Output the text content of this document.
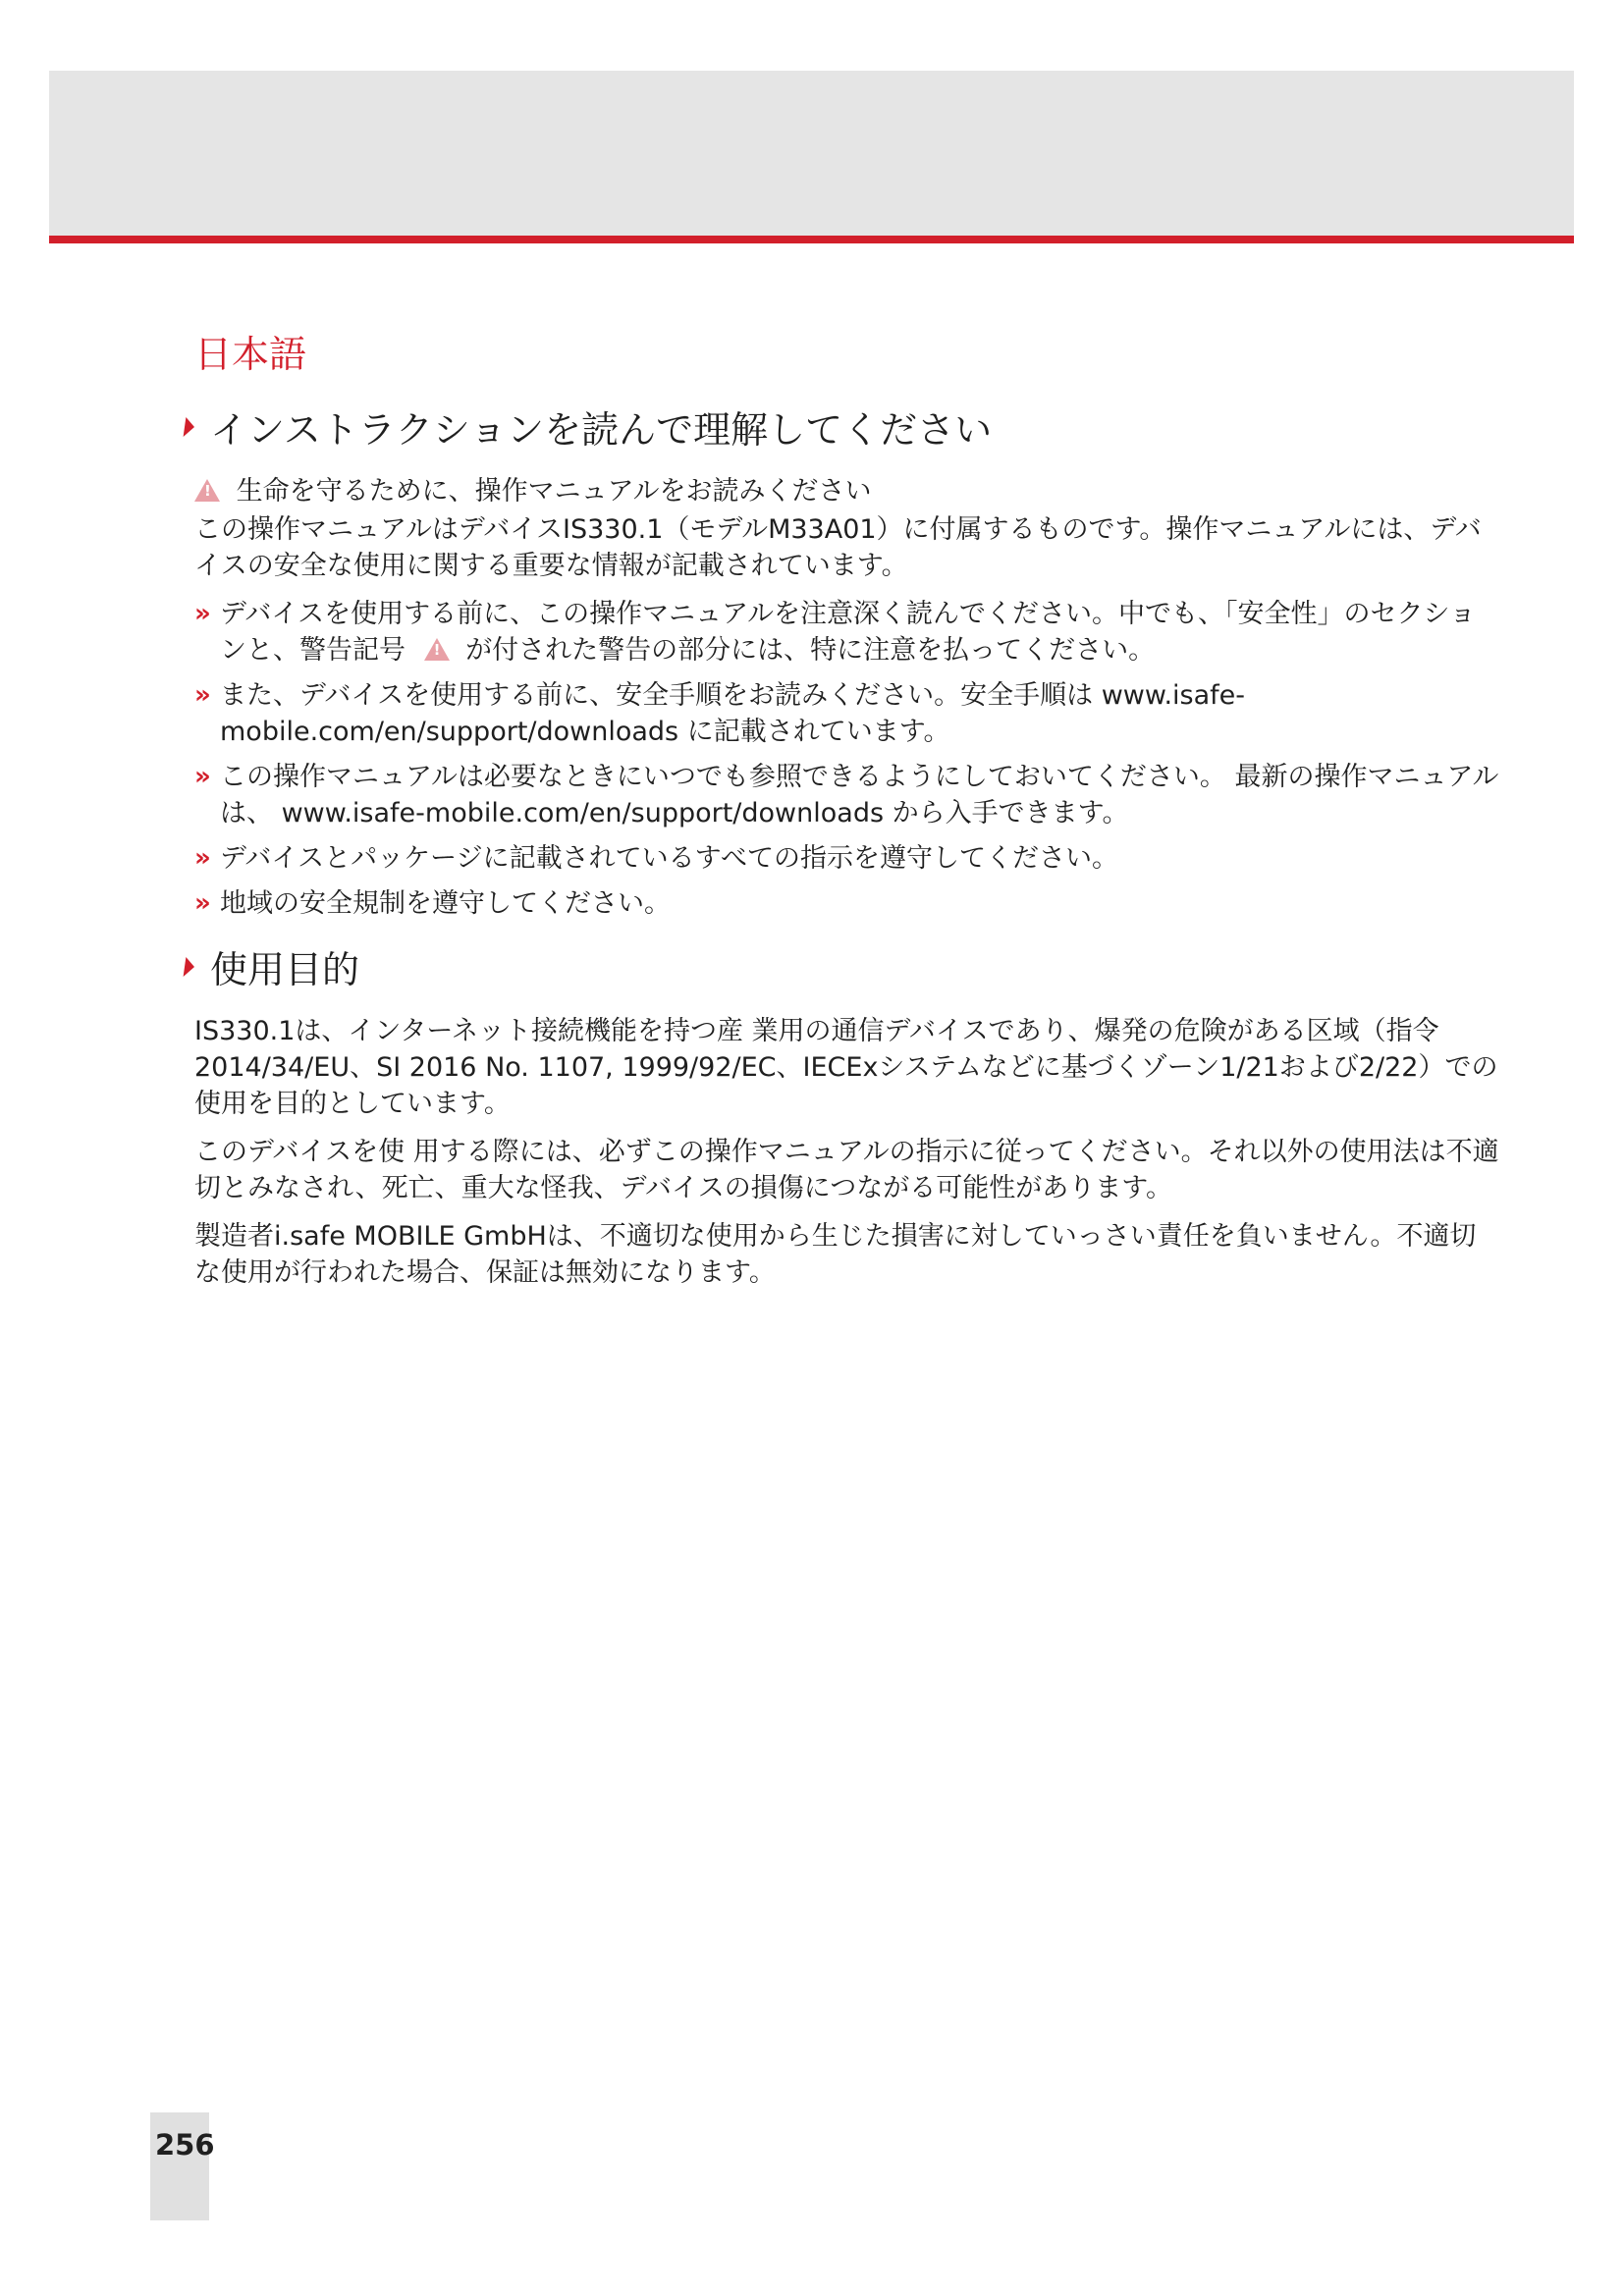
日本語
インストラクションを読んで理解してください

! 生命を守るために、操作マニュアルをお読みください

この操作マニュアルはデバイスIS330.1（モデルM33A01）に付属するものです。操作マニュアルには、デバイスの安全な使用に関する重要な情報が記載されています。

» デバイスを使用する前に、この操作マニュアルを注意深く読んでください。中でも、「安全性」のセクションと、警告記号 ! が付された警告の部分には、特に注意を払ってください。
» また、デバイスを使用する前に、安全手順をお読みください。安全手順は www.isafe-mobile.com/en/support/downloads に記載されています。
» この操作マニュアルは必要なときにいつでも参照できるようにしておいてください。 最新の操作マニュアルは、 www.isafe-mobile.com/en/support/downloads から入手できます。
» デバイスとパッケージに記載されているすべての指示を遵守してください。
» 地域の安全規制を遵守してください。
使用目的

IS330.1は、インターネット接続機能を持つ産 業用の通信デバイスであり、爆発の危険がある区域（指令2014/34/EU、SI 2016 No. 1107, 1999/92/EC、IECExシステムなどに基づくゾーン1/21および2/22）での使用を目的としています。

このデバイスを使 用する際には、必ずこの操作マニュアルの指示に従ってください。それ以外の使用法は不適切とみなされ、死亡、重大な怪我、デバイスの損傷につながる可能性があります。

製造者i.safe MOBILE GmbHは、不適切な使用から生じた損害に対していっさい責任を負いません。不適切な使用が行われた場合、保証は無効になります。

256
